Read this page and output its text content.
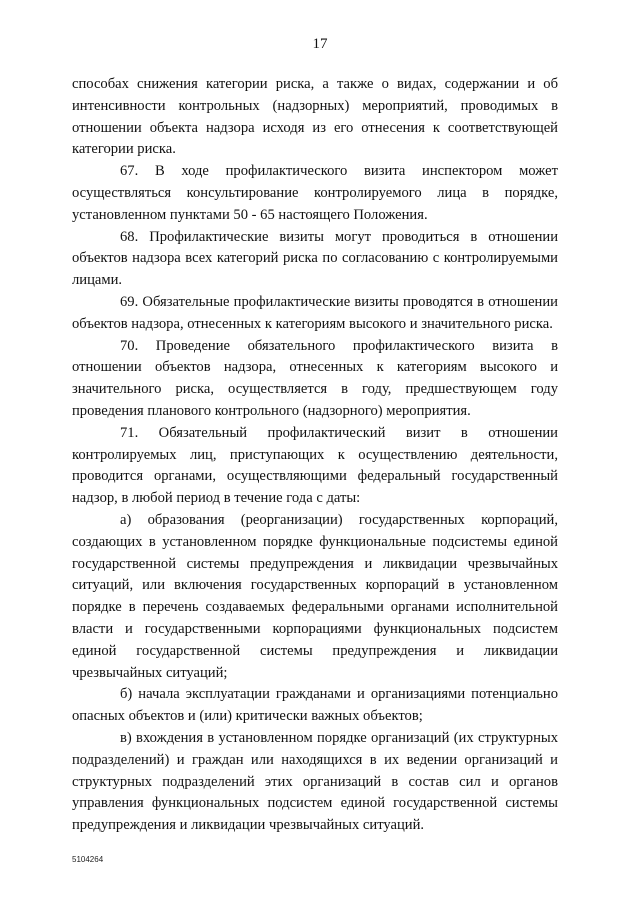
17

способах снижения категории риска, а также о видах, содержании и об интенсивности контрольных (надзорных) мероприятий, проводимых в отношении объекта надзора исходя из его отнесения к соответствующей категории риска.

67. В ходе профилактического визита инспектором может осуществляться консультирование контролируемого лица в порядке, установленном пунктами 50 - 65 настоящего Положения.

68. Профилактические визиты могут проводиться в отношении объектов надзора всех категорий риска по согласованию с контролируемыми лицами.

69. Обязательные профилактические визиты проводятся в отношении объектов надзора, отнесенных к категориям высокого и значительного риска.

70. Проведение обязательного профилактического визита в отношении объектов надзора, отнесенных к категориям высокого и значительного риска, осуществляется в году, предшествующем году проведения планового контрольного (надзорного) мероприятия.

71. Обязательный профилактический визит в отношении контролируемых лиц, приступающих к осуществлению деятельности, проводится органами, осуществляющими федеральный государственный надзор, в любой период в течение года с даты:

а) образования (реорганизации) государственных корпораций, создающих в установленном порядке функциональные подсистемы единой государственной системы предупреждения и ликвидации чрезвычайных ситуаций, или включения государственных корпораций в установленном порядке в перечень создаваемых федеральными органами исполнительной власти и государственными корпорациями функциональных подсистем единой государственной системы предупреждения и ликвидации чрезвычайных ситуаций;

б) начала эксплуатации гражданами и организациями потенциально опасных объектов и (или) критически важных объектов;

в) вхождения в установленном порядке организаций (их структурных подразделений) и граждан или находящихся в их ведении организаций и структурных подразделений этих организаций в состав сил и органов управления функциональных подсистем единой государственной системы предупреждения и ликвидации чрезвычайных ситуаций.

5104264
